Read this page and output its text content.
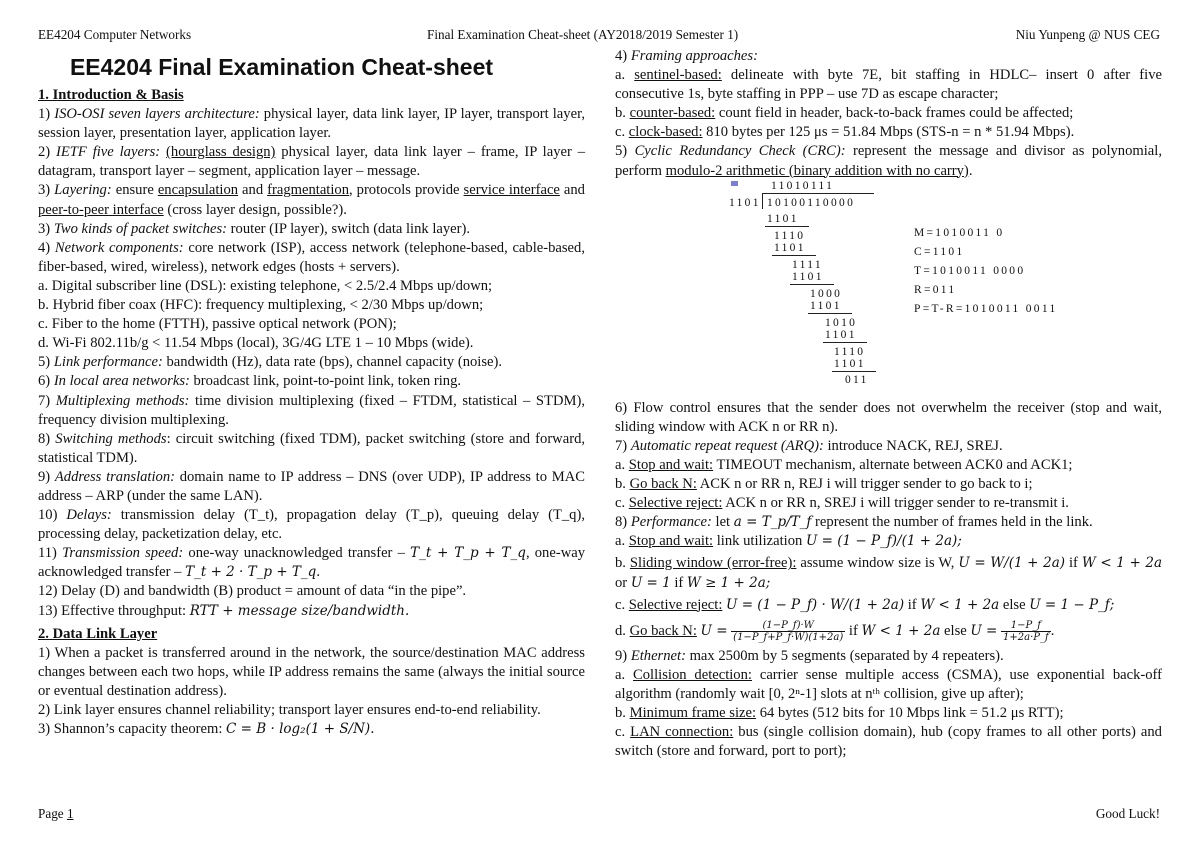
EE4204 Computer Networks	Final Examination Cheat-sheet (AY2018/2019 Semester 1)	Niu Yunpeng @ NUS CEG
EE4204 Final Examination Cheat-sheet
1. Introduction & Basis
1) ISO-OSI seven layers architecture: physical layer, data link layer, IP layer, transport layer, session layer, presentation layer, application layer.
2) IETF five layers: (hourglass design) physical layer, data link layer – frame, IP layer – datagram, transport layer – segment, application layer – message.
3) Layering: ensure encapsulation and fragmentation, protocols provide service interface and peer-to-peer interface (cross layer design, possible?).
3) Two kinds of packet switches: router (IP layer), switch (data link layer).
4) Network components: core network (ISP), access network (telephone-based, cable-based, fiber-based, wired, wireless), network edges (hosts + servers).
a. Digital subscriber line (DSL): existing telephone, < 2.5/2.4 Mbps up/down;
b. Hybrid fiber coax (HFC): frequency multiplexing, < 2/30 Mbps up/down;
c. Fiber to the home (FTTH), passive optical network (PON);
d. Wi-Fi 802.11b/g < 11.54 Mbps (local), 3G/4G LTE 1 – 10 Mbps (wide).
5) Link performance: bandwidth (Hz), data rate (bps), channel capacity (noise).
6) In local area networks: broadcast link, point-to-point link, token ring.
7) Multiplexing methods: time division multiplexing (fixed – FTDM, statistical – STDM), frequency division multiplexing.
8) Switching methods: circuit switching (fixed TDM), packet switching (store and forward, statistical TDM).
9) Address translation: domain name to IP address – DNS (over UDP), IP address to MAC address – ARP (under the same LAN).
10) Delays: transmission delay (T_t), propagation delay (T_p), queuing delay (T_q), processing delay, packetization delay, etc.
11) Transmission speed: one-way unacknowledged transfer – T_t + T_p + T_q, one-way acknowledged transfer – T_t + 2 · T_p + T_q.
12) Delay (D) and bandwidth (B) product = amount of data “in the pipe”.
13) Effective throughput: RTT + message size/bandwidth.
2. Data Link Layer
1) When a packet is transferred around in the network, the source/destination MAC address changes between each two hops, while IP address remains the same (always the initial source or eventual destination address).
2) Link layer ensures channel reliability; transport layer ensures end-to-end reliability.
3) Shannon’s capacity theorem: C = B · log₂(1 + S/N).
4) Framing approaches:
a. sentinel-based: delineate with byte 7E, bit staffing in HDLC– insert 0 after five consecutive 1s, byte staffing in PPP – use 7D as escape character;
b. counter-based: count field in header, back-to-back frames could be affected;
c. clock-based: 810 bytes per 125 μs = 51.84 Mbps (STS-n = n * 51.94 Mbps).
5) Cyclic Redundancy Check (CRC): represent the message and divisor as polynomial, perform modulo-2 arithmetic (binary addition with no carry).
11010111
1101 10100110000
1101
1110
1101
1111
1101
1000
1101
1010
1101
1110
1101
011
M=1010011 0
C=1101
T=1010011 0000
R=011
P=T-R=1010011 0011
6) Flow control ensures that the sender does not overwhelm the receiver (stop and wait, sliding window with ACK n or RR n).
7) Automatic repeat request (ARQ): introduce NACK, REJ, SREJ.
a. Stop and wait: TIMEOUT mechanism, alternate between ACK0 and ACK1;
b. Go back N: ACK n or RR n, REJ i will trigger sender to go back to i;
c. Selective reject: ACK n or RR n, SREJ i will trigger sender to re-transmit i.
8) Performance: let a = T_p/T_f represent the number of frames held in the link.
a. Stop and wait: link utilization U = (1 − P_f)/(1 + 2a);
b. Sliding window (error-free): assume window size is W, U = W/(1 + 2a) if W < 1 + 2a or U = 1 if W ≥ 1 + 2a;
c. Selective reject: U = (1 − P_f) · W/(1 + 2a) if W < 1 + 2a else U = 1 − P_f;
d. Go back N: $U = \frac{(1-P\_f)\cdot W}{(1-P\_f+P\_f\cdot W)(1+2a)}$ if W < 1 + 2a else $U = \frac{1-P\_f}{1+2a\cdot P\_f}$ .
9) Ethernet: max 2500m by 5 segments (separated by 4 repeaters).
a. Collision detection: carrier sense multiple access (CSMA), use exponential back-off algorithm (randomly wait [0, 2ⁿ-1] slots at nᵗʰ collision, give up after);
b. Minimum frame size: 64 bytes (512 bits for 10 Mbps link = 51.2 μs RTT);
c. LAN connection: bus (single collision domain), hub (copy frames to all other ports) and switch (store and forward, port to port);
Page 1	Good Luck!
